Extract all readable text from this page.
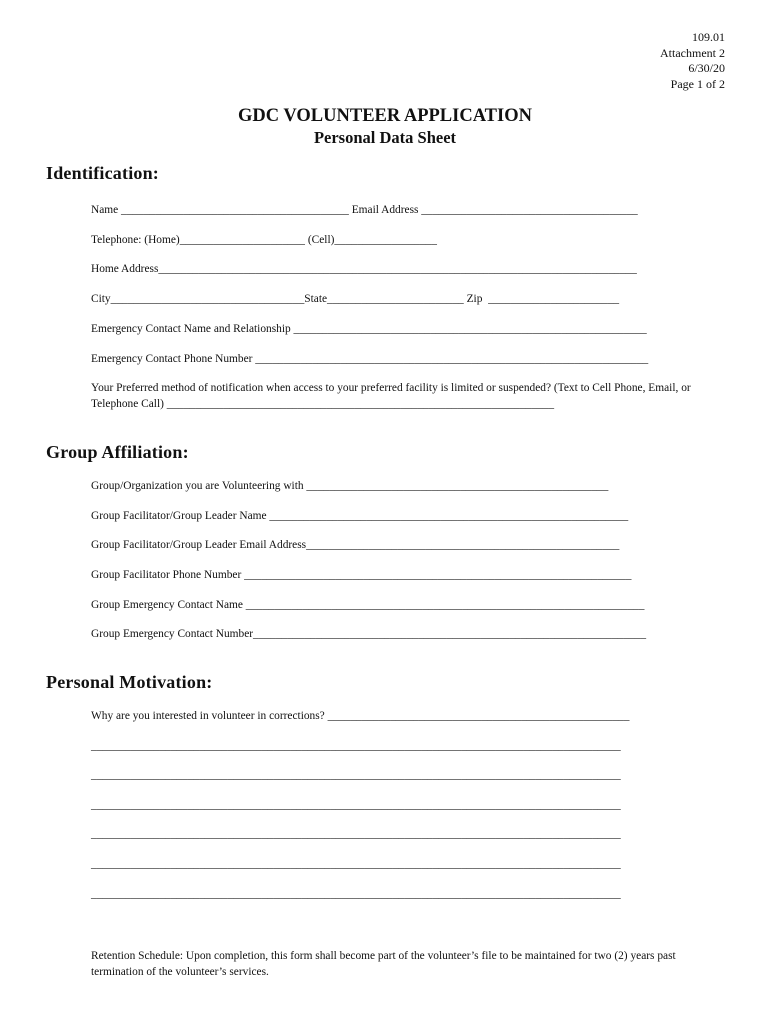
109.01
Attachment 2
6/30/20
Page 1 of 2
GDC VOLUNTEER APPLICATION
Personal Data Sheet
Identification:
Name ________________________________________ Email Address ______________________________________
Telephone: (Home)______________________ (Cell)__________________
Home Address____________________________________________________________________________________
City__________________________________State________________________ Zip  _______________________
Emergency Contact Name and Relationship ______________________________________________________________
Emergency Contact Phone Number _____________________________________________________________________
Your Preferred method of notification when access to your preferred facility is limited or suspended? (Text to Cell Phone, Email, or Telephone Call) ____________________________________________________________________
Group Affiliation:
Group/Organization you are Volunteering with _____________________________________________________
Group Facilitator/Group Leader Name _______________________________________________________________
Group Facilitator/Group Leader Email Address_______________________________________________________
Group Facilitator Phone Number ____________________________________________________________________
Group Emergency Contact Name ______________________________________________________________________
Group Emergency Contact Number_____________________________________________________________________
Personal Motivation:
Why are you interested in volunteer in corrections? _____________________________________________________
_____________________________________________________________________________________________
_____________________________________________________________________________________________
_____________________________________________________________________________________________
_____________________________________________________________________________________________
_____________________________________________________________________________________________
_____________________________________________________________________________________________
Retention Schedule: Upon completion, this form shall become part of the volunteer’s file to be maintained for two (2) years past termination of the volunteer’s services.
